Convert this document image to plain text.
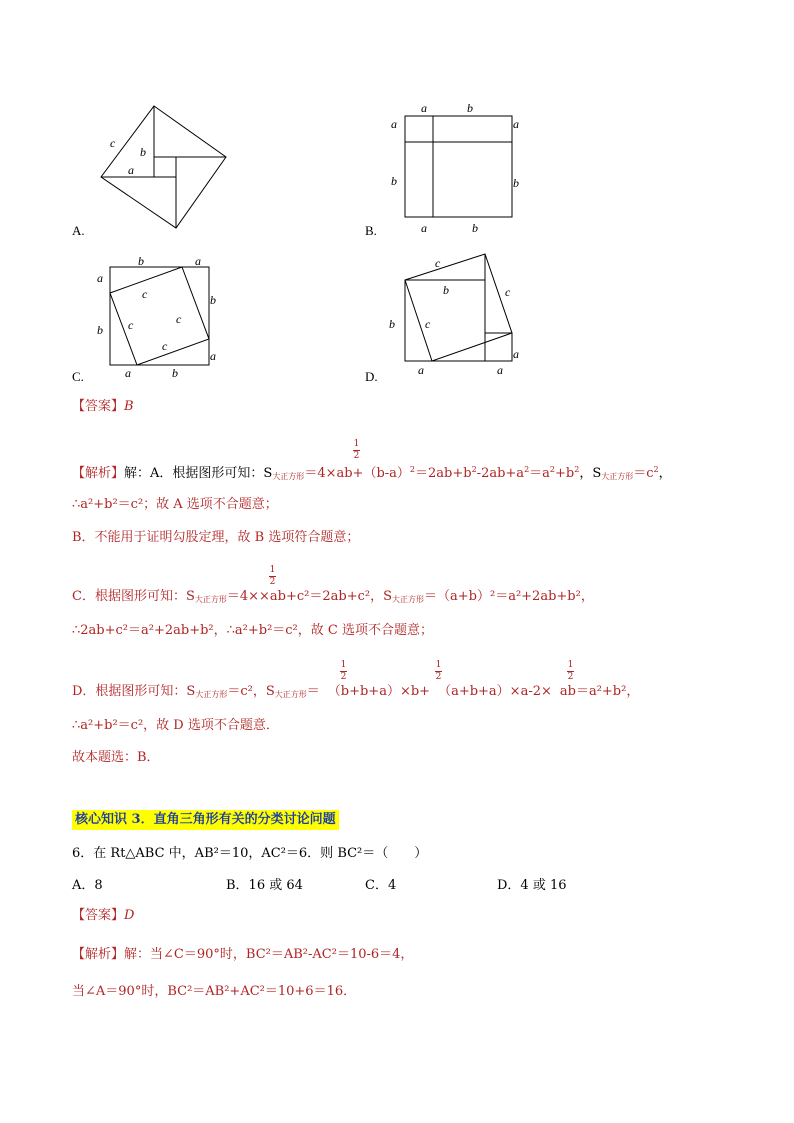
c
b
a
A.
a	b
a	a
b	b
a	b
B.
b	a
a
b
c
c	c
c
b
a
a	b
C.
c
b	c
b	c
a
a	a
D.
【答案】B
1
2
【解析】解：A．根据图形可知：$S_{大正方形}=4\times ab+(b-a)^2=2ab+b^2-2ab+a^2=a^2+b^2$，$S_{大正方形}=c^2$，
∴a²+b²＝c²；故 A 选项不合题意；
B．不能用于证明勾股定理，故 B 选项符合题意；
1
2
C．根据图形可知：$S_{大正方形}=4\times\times ab+c^2=2ab+c^2$，$S_{大正方形}=(a+b)^2=a^2+2ab+b^2$，
∴2ab+c²＝a²+2ab+b²，∴a²+b²＝c²，故 C 选项不合题意；
1
2
1
2
1
2
D．根据图形可知：$S_{大正方形}=c^2$，$S_{大正方形}= (b+b+a)\times b+ (a+b+a)\times a-2\times ab=a^2+b^2$，
∴a²+b²＝c²，故 D 选项不合题意．
故本题选：B．
核心知识 3．直角三角形有关的分类讨论问题
6．在 Rt△ABC 中，AB²＝10，AC²＝6．则 BC²＝（　　）
A．8	B．16 或 64	C．4	D．4 或 16
【答案】D
【解析】解：当∠C＝90°时，BC²＝AB²-AC²＝10-6＝4，
当∠A＝90°时，BC²＝AB²+AC²＝10+6＝16．
